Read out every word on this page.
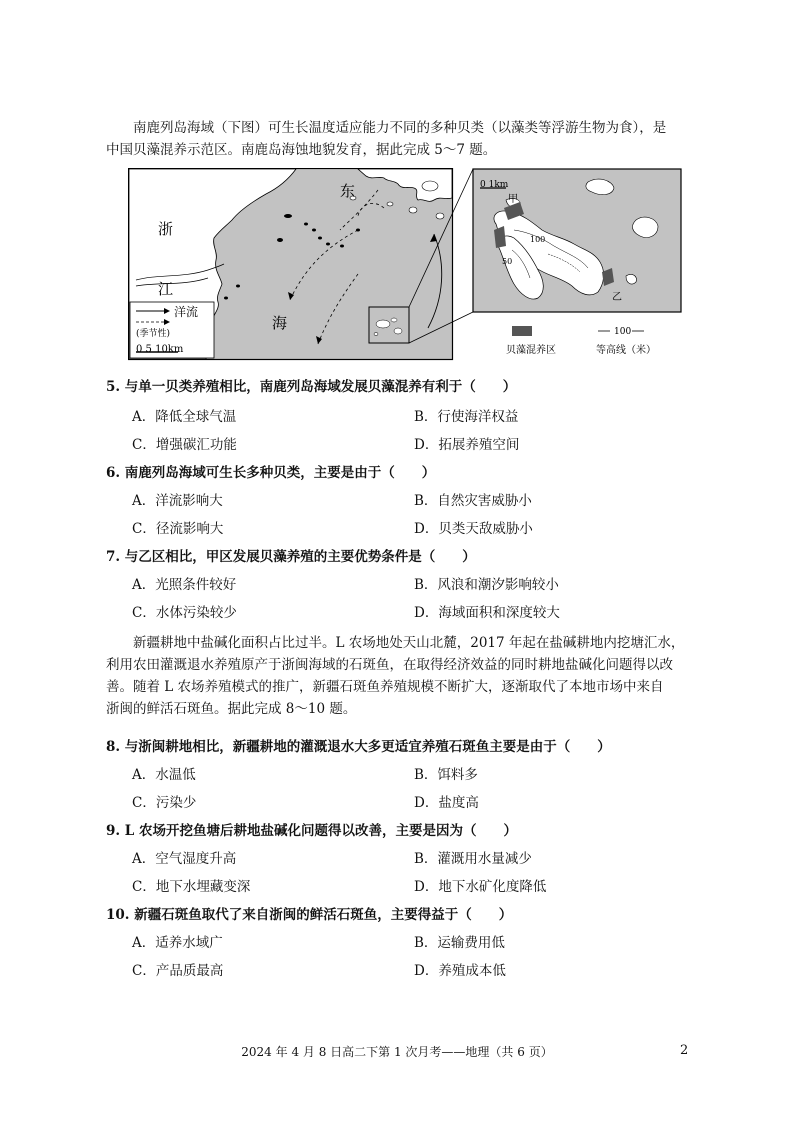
南鹿列岛海域（下图）可生长温度适应能力不同的多种贝类（以藻类等浮游生物为食），是
中国贝藻混养示范区。南鹿岛海蚀地貌发育，据此完成 5～7 题。
浙
江
东
海
洋流
(季节性)
0 5 10km
0 1km
甲
乙
100
50
贝藻混养区
100
等高线（米）
5. 与单一贝类养殖相比，南鹿列岛海域发展贝藻混养有利于（　　）
A．降低全球气温	B．行使海洋权益
C．增强碳汇功能	D．拓展养殖空间
6. 南鹿列岛海域可生长多种贝类，主要是由于（　　）
A．洋流影响大	B．自然灾害威胁小
C．径流影响大	D．贝类天敌威胁小
7. 与乙区相比，甲区发展贝藻养殖的主要优势条件是（　　）
A．光照条件较好	B．风浪和潮汐影响较小
C．水体污染较少	D．海域面积和深度较大
新疆耕地中盐碱化面积占比过半。L 农场地处天山北麓，2017 年起在盐碱耕地内挖塘汇水，
利用农田灌溉退水养殖原产于浙闽海域的石斑鱼，在取得经济效益的同时耕地盐碱化问题得以改
善。随着 L 农场养殖模式的推广，新疆石斑鱼养殖规模不断扩大，逐渐取代了本地市场中来自
浙闽的鲜活石斑鱼。据此完成 8～10 题。
8. 与浙闽耕地相比，新疆耕地的灌溉退水大多更适宜养殖石斑鱼主要是由于（　　）
A．水温低	B．饵料多
C．污染少	D．盐度高
9. L 农场开挖鱼塘后耕地盐碱化问题得以改善，主要是因为（　　）
A．空气湿度升高	B．灌溉用水量减少
C．地下水埋藏变深	D．地下水矿化度降低
10. 新疆石斑鱼取代了来自浙闽的鲜活石斑鱼，主要得益于（　　）
A．适养水域广	B．运输费用低
C．产品质最高	D．养殖成本低
2024 年 4 月 8 日高二下第 1 次月考——地理（共 6 页）	2
